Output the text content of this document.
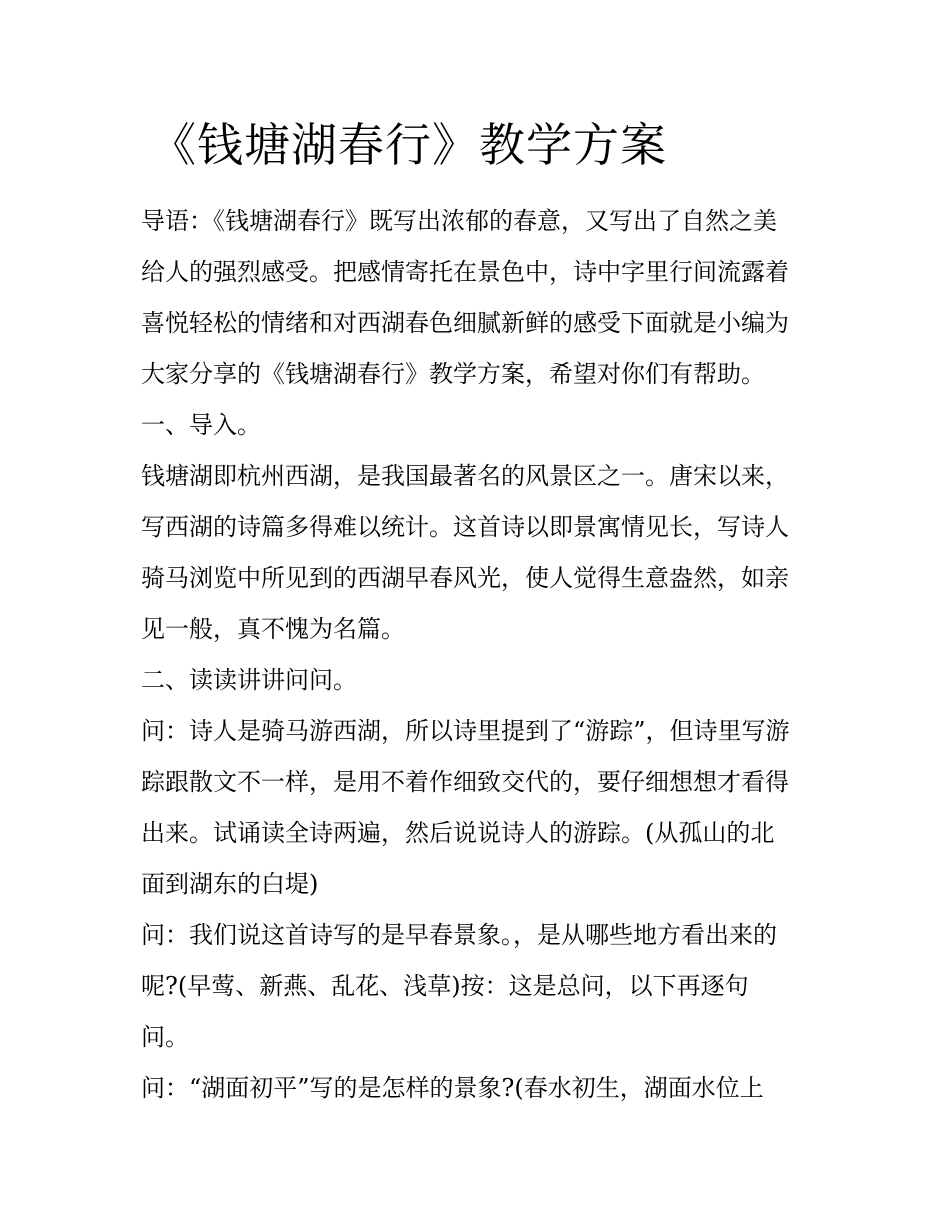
《钱塘湖春行》教学方案
导语：《钱塘湖春行》既写出浓郁的春意，又写出了自然之美
给人的强烈感受。把感情寄托在景色中，诗中字里行间流露着
喜悦轻松的情绪和对西湖春色细腻新鲜的感受下面就是小编为
大家分享的《钱塘湖春行》教学方案，希望对你们有帮助。
一、导入。
钱塘湖即杭州西湖，是我国最著名的风景区之一。唐宋以来，
写西湖的诗篇多得难以统计。这首诗以即景寓情见长，写诗人
骑马浏览中所见到的西湖早春风光，使人觉得生意盎然，如亲
见一般，真不愧为名篇。
二、读读讲讲问问。
问：诗人是骑马游西湖，所以诗里提到了“游踪”，但诗里写游
踪跟散文不一样，是用不着作细致交代的，要仔细想想才看得
出来。试诵读全诗两遍，然后说说诗人的游踪。(从孤山的北
面到湖东的白堤)
问：我们说这首诗写的是早春景象。，是从哪些地方看出来的
呢?(早莺、新燕、乱花、浅草)按：这是总问，以下再逐句
问。
问：“湖面初平”写的是怎样的景象?(春水初生，湖面水位上
